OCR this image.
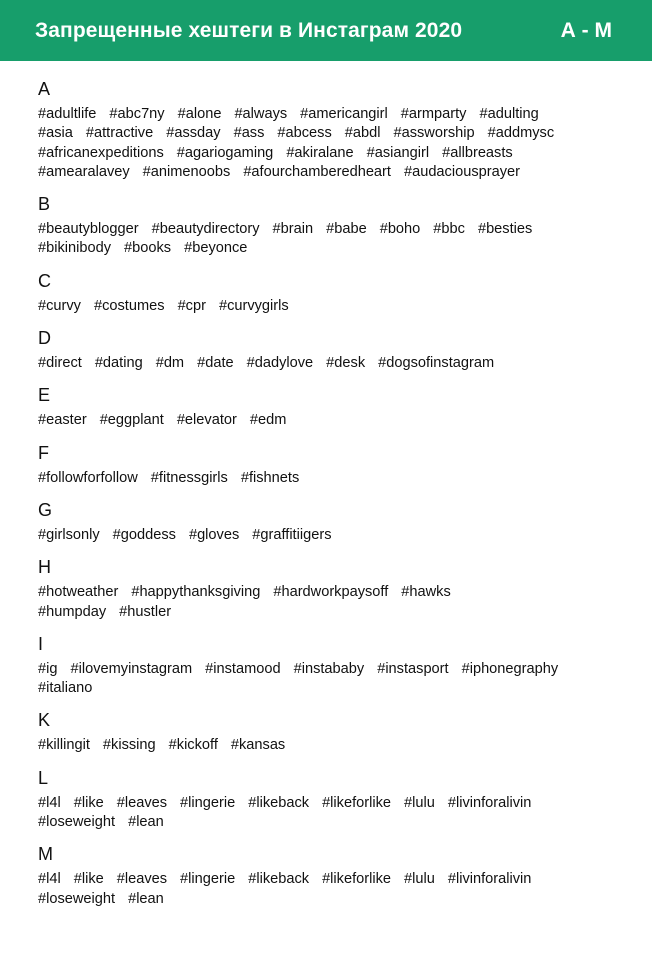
Запрещенные хештеги в Инстаграм 2020	А - М
A
#adultlife #abc7ny #alone #always #americangirl #armparty #adulting
#asia #attractive #assday #ass #abcess #abdl #assworship #addmysc
#africanexpeditions #agariogaming #akiralane #asiangirl #allbreasts
#amearalavey #animenoobs #afourchamberedheart #audaciousprayer
B
#beautyblogger #beautydirectory #brain #babe #boho #bbc #besties
#bikinibody #books #beyonce
C
#curvy #costumes #cpr #curvygirls
D
#direct #dating #dm #date #dadylove #desk #dogsofinstagram
E
#easter #eggplant #elevator #edm
F
#followforfollow #fitnessgirls #fishnets
G
#girlsonly #goddess #gloves #graffitiigers
H
#hotweather #happythanksgiving #hardworkpaysoff #hawks
#humpday #hustler
I
#ig #ilovemyinstagram #instamood #instababy #instasport #iphonegraphy
#italiano
K
#killingit #kissing #kickoff #kansas
L
#l4l #like #leaves #lingerie #likeback #likeforlike #lulu #livinforalivin
#loseweight #lean
M
#l4l #like #leaves #lingerie #likeback #likeforlike #lulu #livinforalivin
#loseweight #lean
